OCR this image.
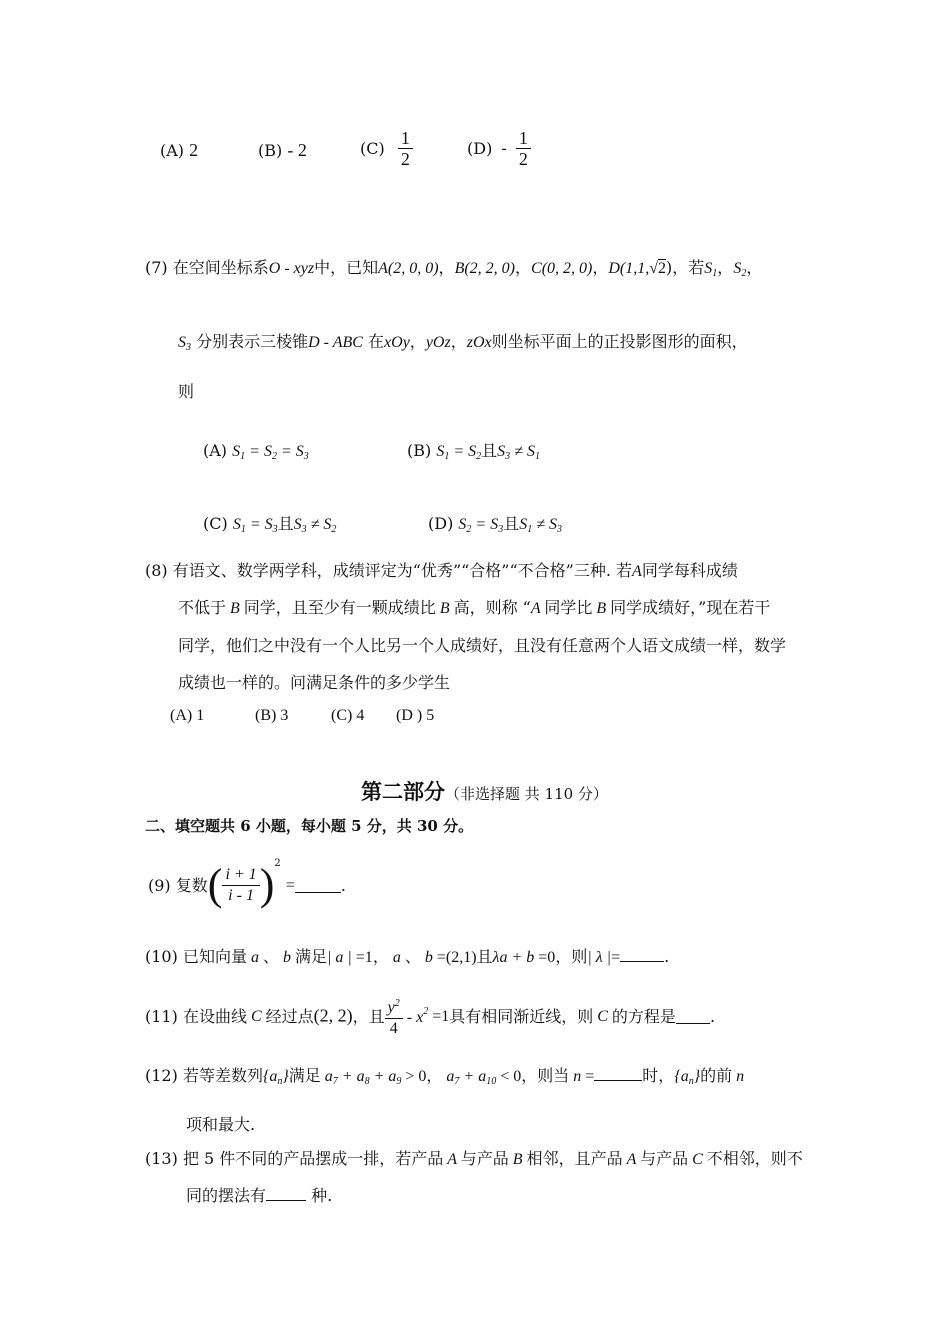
(A) 2	(B) - 2	$(C) \frac{1}{2}$	$(D) - \frac{1}{2}$
(7) 在空间坐标系O - xyz中，已知A(2, 0, 0)，B(2, 2, 0)，C(0, 2, 0)，D(1,1,√2)，若$S_1$，$S_2$，
$S_3$ 分别表示三棱锥D - ABC 在xOy，yOz，zOx则坐标平面上的正投影图形的面积，
则
(A) $S_1 = S_2 = S_3$	(B) $S_1 = S_2$且$S_3 \ne S_1$
(C) $S_1 = S_3$且$S_3 \ne S_2$	(D) $S_2 = S_3$且$S_1 \ne S_3$
(8) 有语文、数学两学科，成绩评定为“优秀”“合格”“不合格”三种. 若A同学每科成绩
不低于 B 同学，且至少有一颗成绩比 B 高，则称 “A 同学比 B 同学成绩好，”现在若干
同学，他们之中没有一个人比另一个人成绩好，且没有任意两个人语文成绩一样，数学
成绩也一样的。问满足条件的多少学生
(A) 1	(B) 3	(C) 4 (D ) 5
第二部分（非选择题 共 110 分）
二、填空题共 6 小题，每小题 5 分，共 30 分。
(9) 复数( $\frac{i + 1}{i - 1} )^2$ =	.
(10) 已知向量 a 、 b 满足| a | =1， a 、 b =(2,1)且λa + b =0，则| λ |=	.
(11) 在设曲线 C 经过点(2, 2)，且 $\frac{y^2}{4} - x^2 =1$具有相同渐近线，则 C 的方程是 .
(12) 若等差数列$\{a_n\}$满足 $a_7 + a_8 + a_9 > 0$， $a_7 + a_{10} < 0$，则当 n =	时，$\{a_n\}$的前 n
项和最大.
(13) 把 5 件不同的产品摆成一排，若产品 A 与产品 B 相邻，且产品 A 与产品 C 不相邻，则不
同的摆法有	种.
